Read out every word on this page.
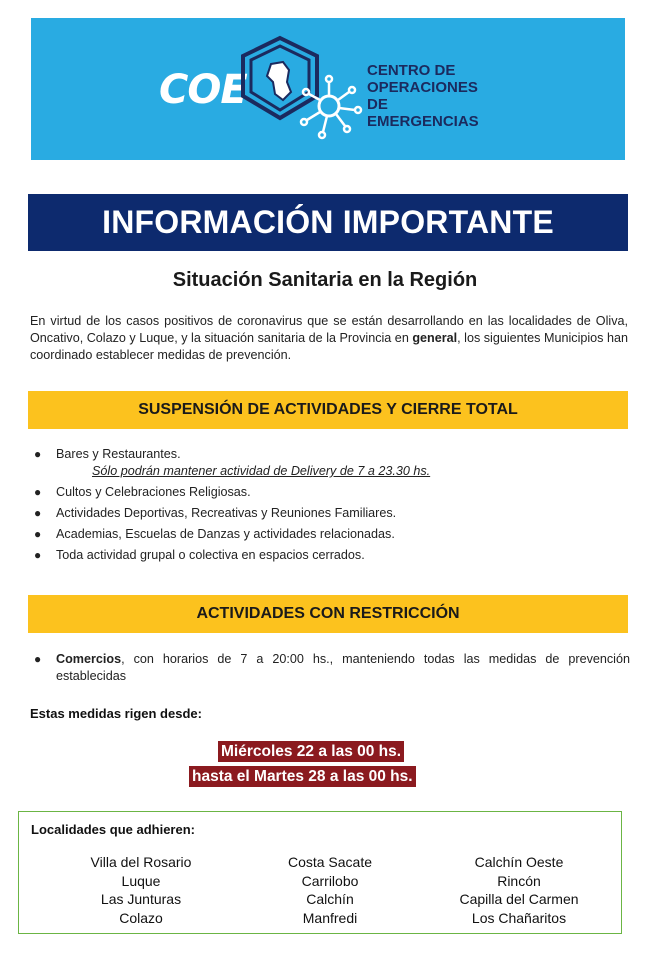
COE	CENTRO DE
OPERACIONES DE
EMERGENCIAS
INFORMACIÓN IMPORTANTE
Situación Sanitaria en la Región
En virtud de los casos positivos de coronavirus que se están desarrollando en las localidades de Oliva, Oncativo, Colazo y Luque, y la situación sanitaria de la Provincia en general, los siguientes Municipios han coordinado establecer medidas de prevención.
SUSPENSIÓN DE ACTIVIDADES Y CIERRE TOTAL
● Bares y Restaurantes.
Sólo podrán mantener actividad de Delivery de 7 a 23.30 hs.
● Cultos y Celebraciones Religiosas.
● Actividades Deportivas, Recreativas y Reuniones Familiares.
● Academias, Escuelas de Danzas y actividades relacionadas.
● Toda actividad grupal o colectiva en espacios cerrados.
ACTIVIDADES CON RESTRICCIÓN
● Comercios, con horarios de 7 a 20:00 hs., manteniendo todas las medidas de prevención establecidas
Estas medidas rigen desde:
Miércoles 22 a las 00 hs.
hasta el Martes 28 a las 00 hs.
Localidades que adhieren:
Villa del Rosario
Luque
Las Junturas
Colazo
Costa Sacate
Carrilobo
Calchín
Manfredi
Calchín Oeste
Rincón
Capilla del Carmen
Los Chañaritos
